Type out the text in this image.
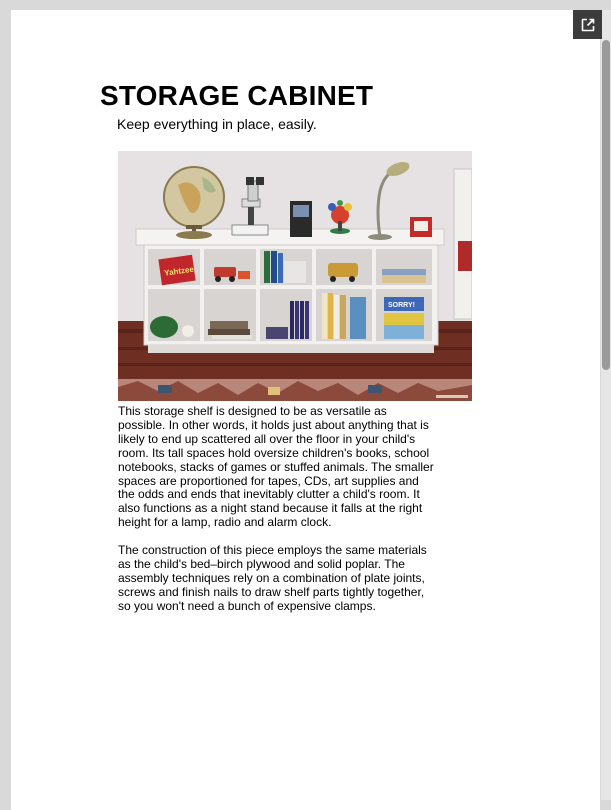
STORAGE CABINET

Keep everything in place, easily.

Yahtzee
SORRY!

This storage shelf is designed to be as versatile as possible. In other words, it holds just about anything that is likely to end up scattered all over the floor in your child's room. Its tall spaces hold oversize children's books, school notebooks, stacks of games or stuffed animals. The smaller spaces are proportioned for tapes, CDs, art supplies and the odds and ends that inevitably clutter a child's room. It also functions as a night stand because it falls at the right height for a lamp, radio and alarm clock.

The construction of this piece employs the same materials as the child's bed–birch plywood and solid poplar. The assembly techniques rely on a combination of plate joints, screws and finish nails to draw shelf parts tightly together, so you won't need a bunch of expensive clamps.
